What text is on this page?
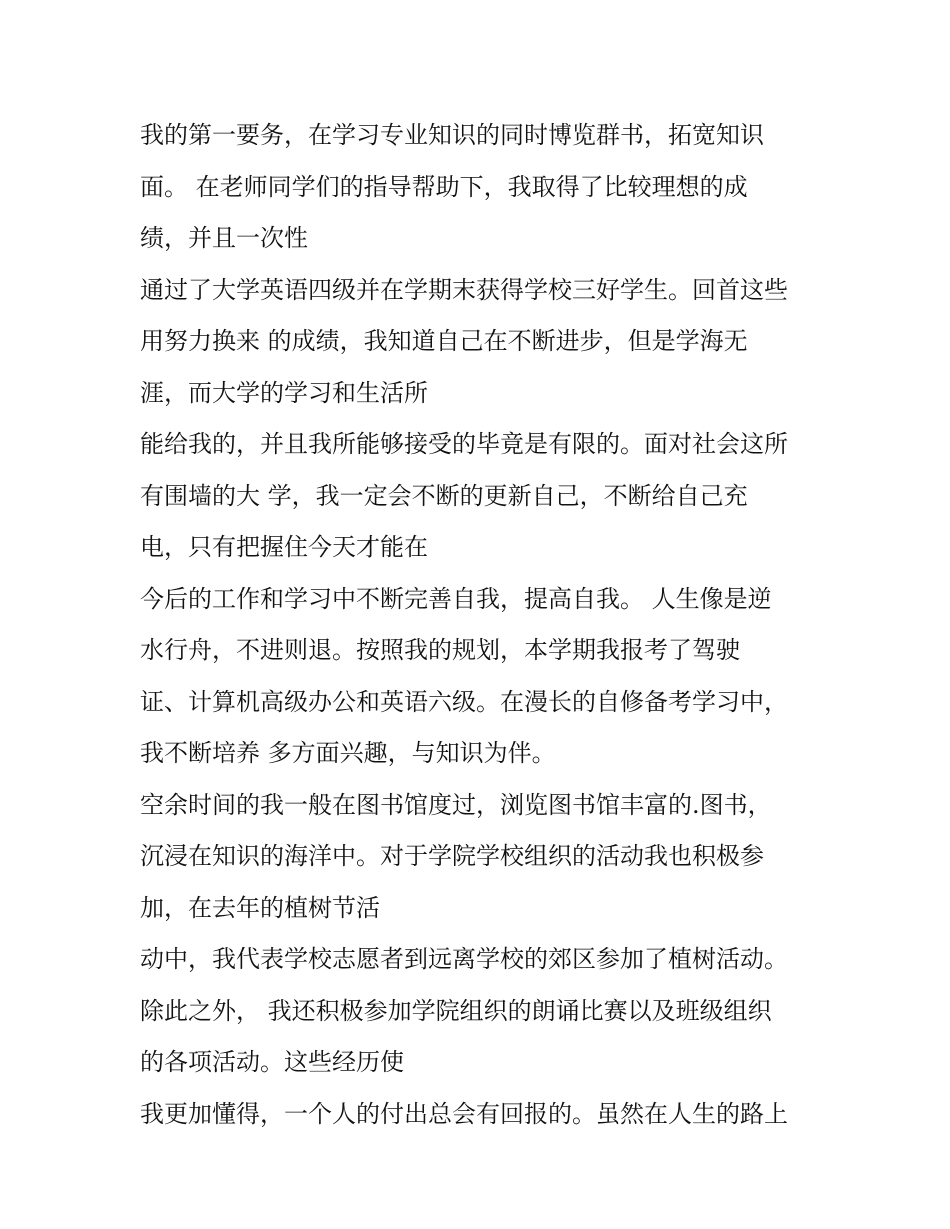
我的第一要务，在学习专业知识的同时博览群书，拓宽知识
面。 在老师同学们的指导帮助下，我取得了比较理想的成
绩，并且一次性
通过了大学英语四级并在学期末获得学校三好学生。回首这些
用努力换来 的成绩，我知道自己在不断进步，但是学海无
涯，而大学的学习和生活所
能给我的，并且我所能够接受的毕竟是有限的。面对社会这所
有围墙的大 学，我一定会不断的更新自己，不断给自己充
电，只有把握住今天才能在
今后的工作和学习中不断完善自我，提高自我。 人生像是逆
水行舟，不进则退。按照我的规划，本学期我报考了驾驶
证、计算机高级办公和英语六级。在漫长的自修备考学习中，
我不断培养 多方面兴趣，与知识为伴。
空余时间的我一般在图书馆度过，浏览图书馆丰富的.图书，
沉浸在知识的海洋中。对于学院学校组织的活动我也积极参
加，在去年的植树节活
动中，我代表学校志愿者到远离学校的郊区参加了植树活动。
除此之外， 我还积极参加学院组织的朗诵比赛以及班级组织
的各项活动。这些经历使
我更加懂得，一个人的付出总会有回报的。虽然在人生的路上
